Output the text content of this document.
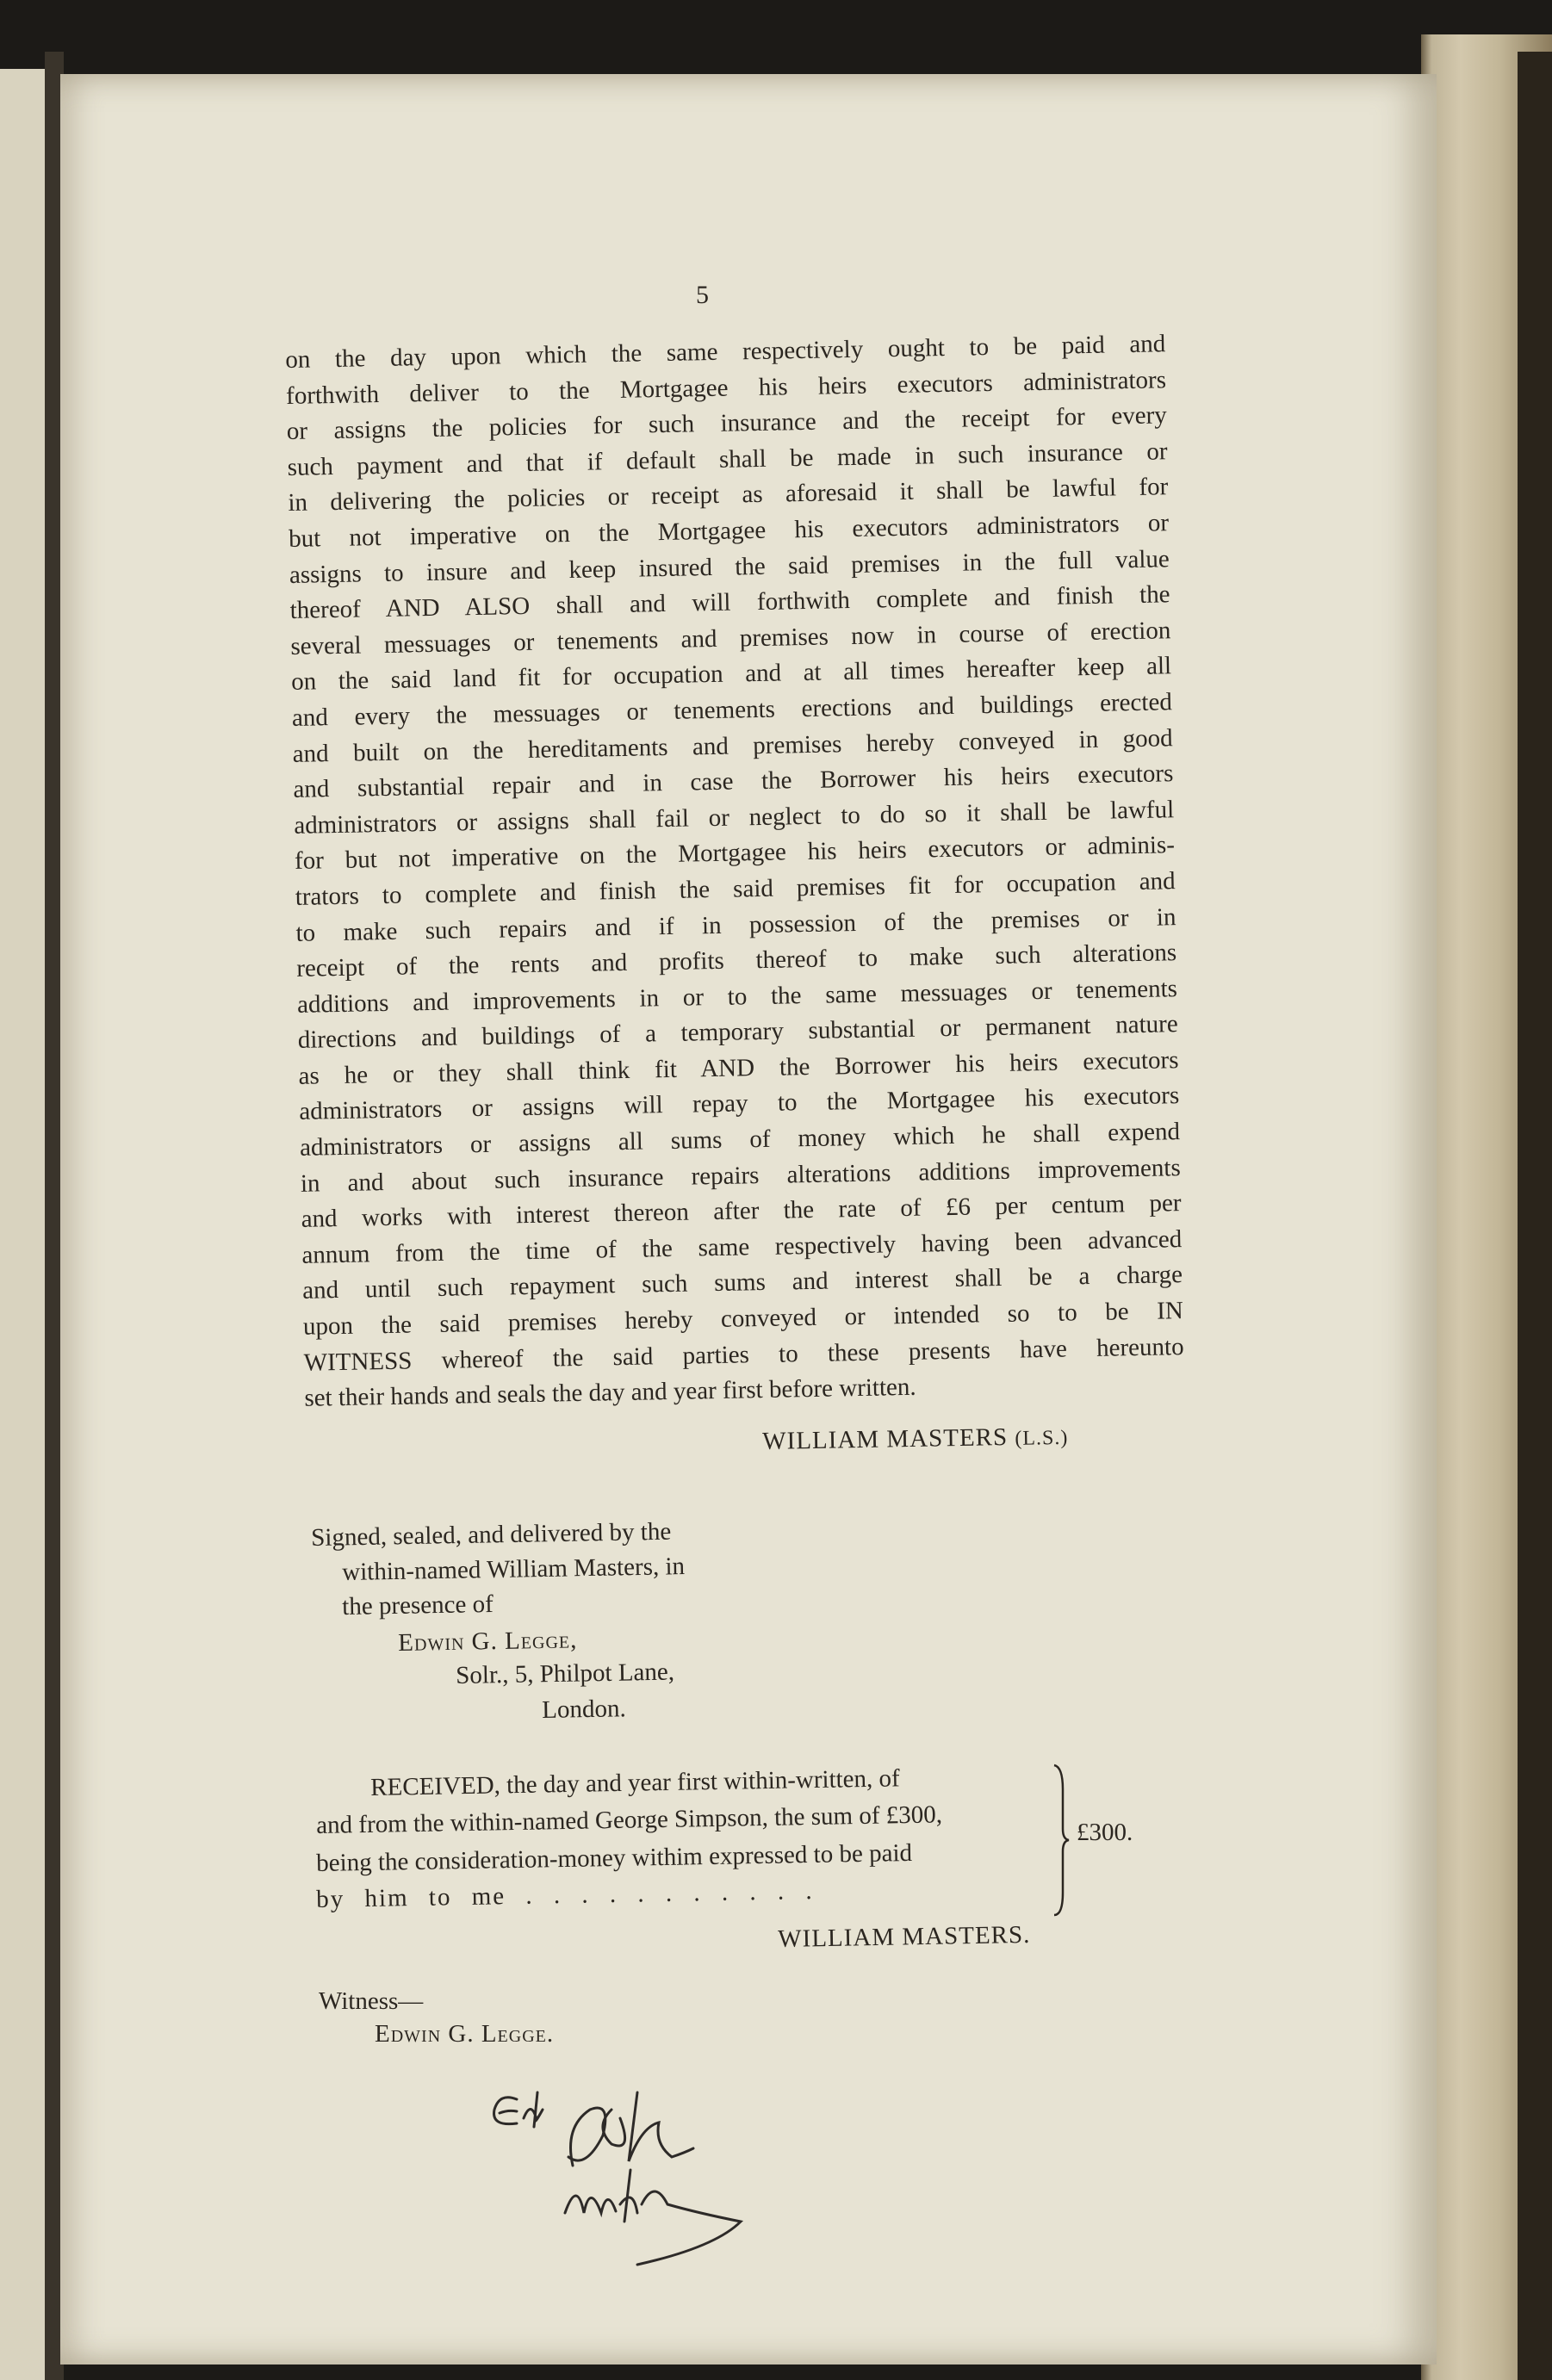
5
on the day upon which the same respectively ought to be paid and
forthwith deliver to the Mortgagee his heirs executors administrators
or assigns the policies for such insurance and the receipt for every
such payment and that if default shall be made in such insurance or
in delivering the policies or receipt as aforesaid it shall be lawful for
but not imperative on the Mortgagee his executors administrators or
assigns to insure and keep insured the said premises in the full value
thereof AND ALSO shall and will forthwith complete and finish the
several messuages or tenements and premises now in course of erection
on the said land fit for occupation and at all times hereafter keep all
and every the messuages or tenements erections and buildings erected
and built on the hereditaments and premises hereby conveyed in good
and substantial repair and in case the Borrower his heirs executors
administrators or assigns shall fail or neglect to do so it shall be lawful
for but not imperative on the Mortgagee his heirs executors or adminis-
trators to complete and finish the said premises fit for occupation and
to make such repairs and if in possession of the premises or in
receipt of the rents and profits thereof to make such alterations
additions and improvements in or to the same messuages or tenements
directions and buildings of a temporary substantial or permanent nature
as he or they shall think fit AND the Borrower his heirs executors
administrators or assigns will repay to the Mortgagee his executors
administrators or assigns all sums of money which he shall expend
in and about such insurance repairs alterations additions improvements
and works with interest thereon after the rate of £6 per centum per
annum from the time of the same respectively having been advanced
and until such repayment such sums and interest shall be a charge
upon the said premises hereby conveyed or intended so to be IN
WITNESS whereof the said parties to these presents have hereunto
set their hands and seals the day and year first before written.
WILLIAM MASTERS (L.S.)
Signed, sealed, and delivered by the
within-named William Masters, in
the presence of
Edwin G. Legge,
Solr., 5, Philpot Lane,
London.
RECEIVED, the day and year first within-written, of
and from the within-named George Simpson, the sum of £300,
being the consideration-money withim expressed to be paid
by him to me . . . . . . . . . . .
£300.
WILLIAM MASTERS.
Witness—
Edwin G. Legge.
